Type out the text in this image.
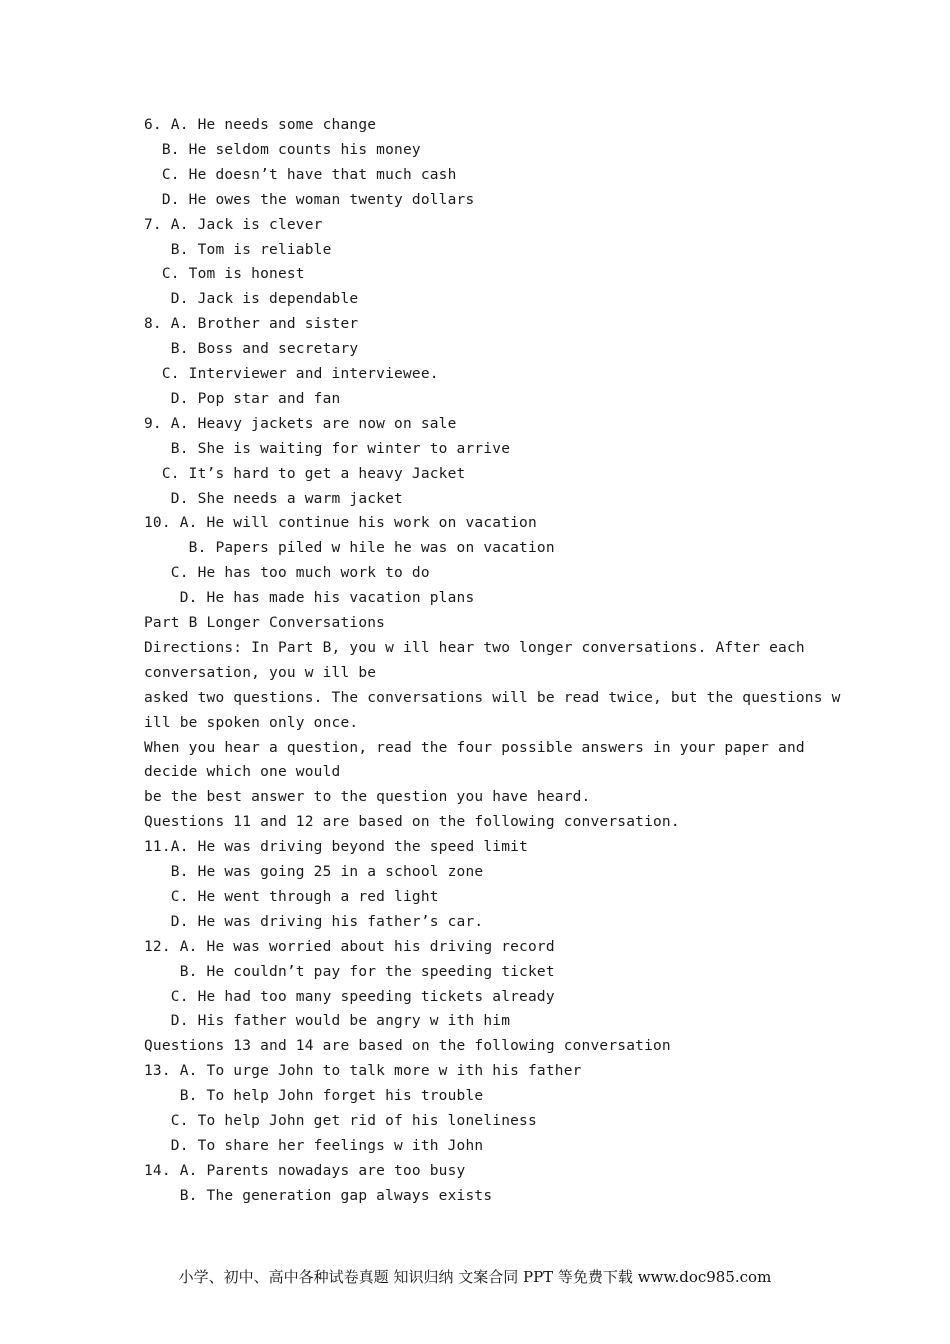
6. A. He needs some change
B. He seldom counts his money
C. He doesn’t have that much cash
D. He owes the woman twenty dollars
7. A. Jack is clever
B. Tom is reliable
C. Tom is honest
D. Jack is dependable
8. A. Brother and sister
B. Boss and secretary
C. Interviewer and interviewee.
D. Pop star and fan
9. A. Heavy jackets are now on sale
B. She is waiting for winter to arrive
C. It’s hard to get a heavy Jacket
D. She needs a warm jacket
10. A. He will continue his work on vacation
B. Papers piled w hile he was on vacation
C. He has too much work to do
D. He has made his vacation plans
Part B Longer Conversations
Directions: In Part B, you w ill hear two longer conversations. After each
conversation, you w ill be
asked two questions. The conversations will be read twice, but the questions w
ill be spoken only once.
When you hear a question, read the four possible answers in your paper and
decide which one would
be the best answer to the question you have heard.
Questions 11 and 12 are based on the following conversation.
11.A. He was driving beyond the speed limit
B. He was going 25 in a school zone
C. He went through a red light
D. He was driving his father’s car.
12. A. He was worried about his driving record
B. He couldn’t pay for the speeding ticket
C. He had too many speeding tickets already
D. His father would be angry w ith him
Questions 13 and 14 are based on the following conversation
13. A. To urge John to talk more w ith his father
B. To help John forget his trouble
C. To help John get rid of his loneliness
D. To share her feelings w ith John
14. A. Parents nowadays are too busy
B. The generation gap always exists
小学、初中、高中各种试卷真题 知识归纳 文案合同 PPT 等免费下载 www.doc985.com
